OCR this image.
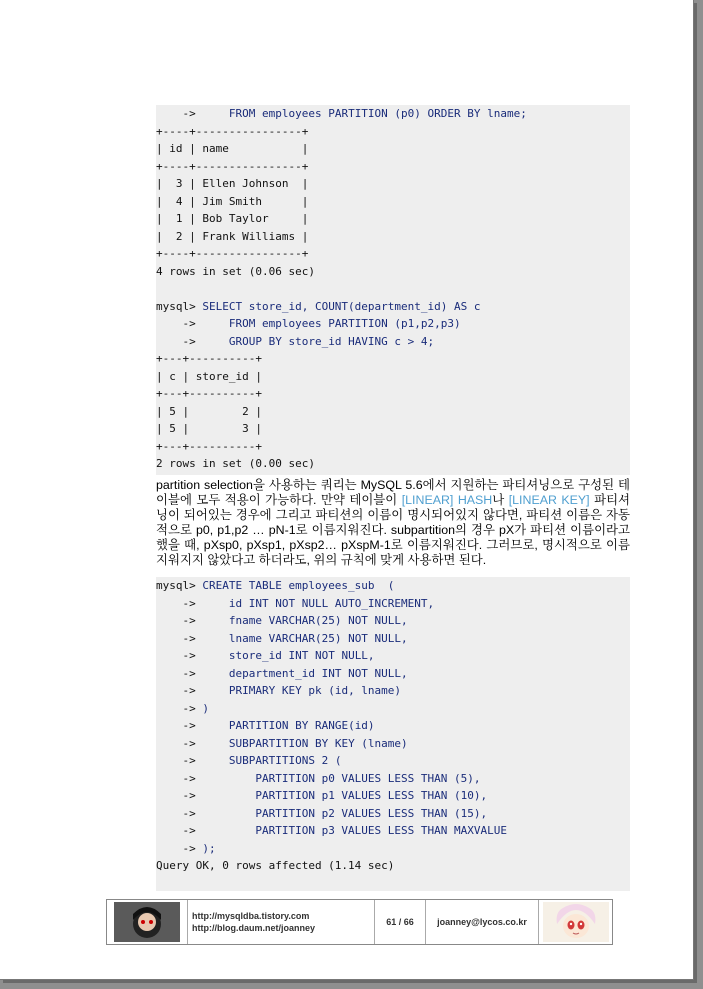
->     FROM employees PARTITION (p0) ORDER BY lname;
+----+----------------+
| id | name           |
+----+----------------+
|  3 | Ellen Johnson  |
|  4 | Jim Smith      |
|  1 | Bob Taylor     |
|  2 | Frank Williams |
+----+----------------+
4 rows in set (0.06 sec)
mysql> SELECT store_id, COUNT(department_id) AS c
->     FROM employees PARTITION (p1,p2,p3)
->     GROUP BY store_id HAVING c > 4;
+---+----------+
| c | store_id |
+---+----------+
| 5 |        2 |
| 5 |        3 |
+---+----------+
2 rows in set (0.00 sec)
partition selection을 사용하는 쿼리는 MySQL 5.6에서 지원하는 파티셔닝으로 구성된 테이블에 모두 적용이 가능하다. 만약 테이블이 [LINEAR] HASH나 [LINEAR KEY] 파티셔닝이 되어있는 경우에 그리고 파티션의 이름이 명시되어있지 않다면, 파티션 이름은 자동적으로 p0, p1,p2 … pN-1로 이름지워진다. subpartition의 경우 pX가 파티션 이름이라고 했을 때, pXsp0, pXsp1, pXsp2… pXspM-1로 이름지워진다. 그러므로, 명시적으로 이름지워지지 않았다고 하더라도, 위의 규칙에 맞게 사용하면 된다.
mysql> CREATE TABLE employees_sub  (
->     id INT NOT NULL AUTO_INCREMENT,
->     fname VARCHAR(25) NOT NULL,
->     lname VARCHAR(25) NOT NULL,
->     store_id INT NOT NULL,
->     department_id INT NOT NULL,
->     PRIMARY KEY pk (id, lname)
-> )
->     PARTITION BY RANGE(id)
->     SUBPARTITION BY KEY (lname)
->     SUBPARTITIONS 2 (
->         PARTITION p0 VALUES LESS THAN (5),
->         PARTITION p1 VALUES LESS THAN (10),
->         PARTITION p2 VALUES LESS THAN (15),
->         PARTITION p3 VALUES LESS THAN MAXVALUE
-> );
Query OK, 0 rows affected (1.14 sec)
http://mysqldba.tistory.com
http://blog.daum.net/joanney
61 / 66	joanney@lycos.co.kr
